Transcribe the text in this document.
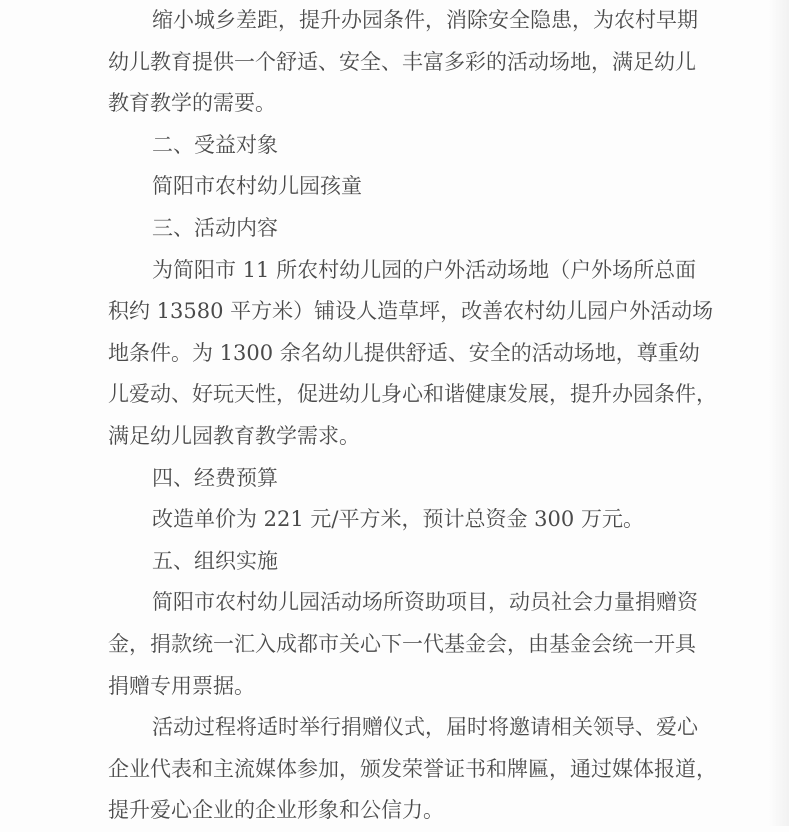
缩小城乡差距，提升办园条件，消除安全隐患，为农村早期
幼儿教育提供一个舒适、安全、丰富多彩的活动场地，满足幼儿
教育教学的需要。
二、受益对象
简阳市农村幼儿园孩童
三、活动内容
为简阳市 11 所农村幼儿园的户外活动场地（户外场所总面
积约 13580 平方米）铺设人造草坪，改善农村幼儿园户外活动场
地条件。为 1300 余名幼儿提供舒适、安全的活动场地，尊重幼
儿爱动、好玩天性，促进幼儿身心和谐健康发展，提升办园条件，
满足幼儿园教育教学需求。
四、经费预算
改造单价为 221 元/平方米，预计总资金 300 万元。
五、组织实施
简阳市农村幼儿园活动场所资助项目，动员社会力量捐赠资
金，捐款统一汇入成都市关心下一代基金会，由基金会统一开具
捐赠专用票据。
活动过程将适时举行捐赠仪式，届时将邀请相关领导、爱心
企业代表和主流媒体参加，颁发荣誉证书和牌匾，通过媒体报道，
提升爱心企业的企业形象和公信力。
